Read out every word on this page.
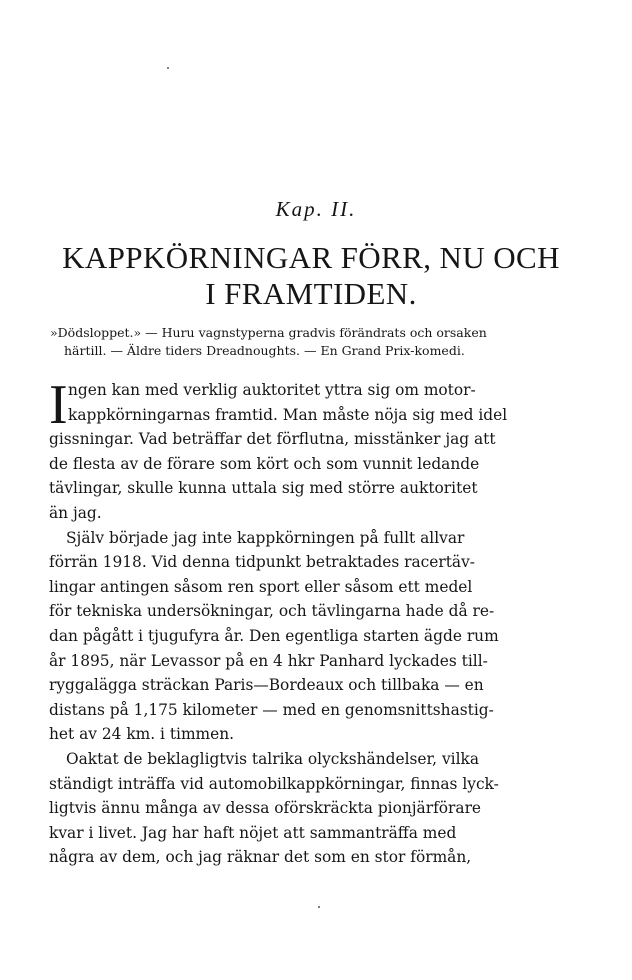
Kap. II.
KAPPKÖRNINGAR FÖRR, NU OCH
I FRAMTIDEN.
»Dödsloppet.» — Huru vagnstyperna gradvis förändrats och orsaken
härtill. — Äldre tiders Dreadnoughts. — En Grand Prix-komedi.
I ngen kan med verklig auktoritet yttra sig om motor-
kappkörningarnas framtid. Man måste nöja sig med idel
gissningar. Vad beträffar det förflutna, misstänker jag att
de flesta av de förare som kört och som vunnit ledande
tävlingar, skulle kunna uttala sig med större auktoritet
än jag.
Själv började jag inte kappkörningen på fullt allvar
förrän 1918. Vid denna tidpunkt betraktades racertäv-
lingar antingen såsom ren sport eller såsom ett medel
för tekniska undersökningar, och tävlingarna hade då re-
dan pågått i tjugufyra år. Den egentliga starten ägde rum
år 1895, när Levassor på en 4 hkr Panhard lyckades till-
ryggalägga sträckan Paris—Bordeaux och tillbaka — en
distans på 1,175 kilometer — med en genomsnittshastig-
het av 24 km. i timmen.
Oaktat de beklagligtvis talrika olyckshändelser, vilka
ständigt inträffa vid automobilkappkörningar, finnas lyck-
ligtvis ännu många av dessa oförskräckta pionjärförare
kvar i livet. Jag har haft nöjet att sammanträffa med
några av dem, och jag räknar det som en stor förmån,
